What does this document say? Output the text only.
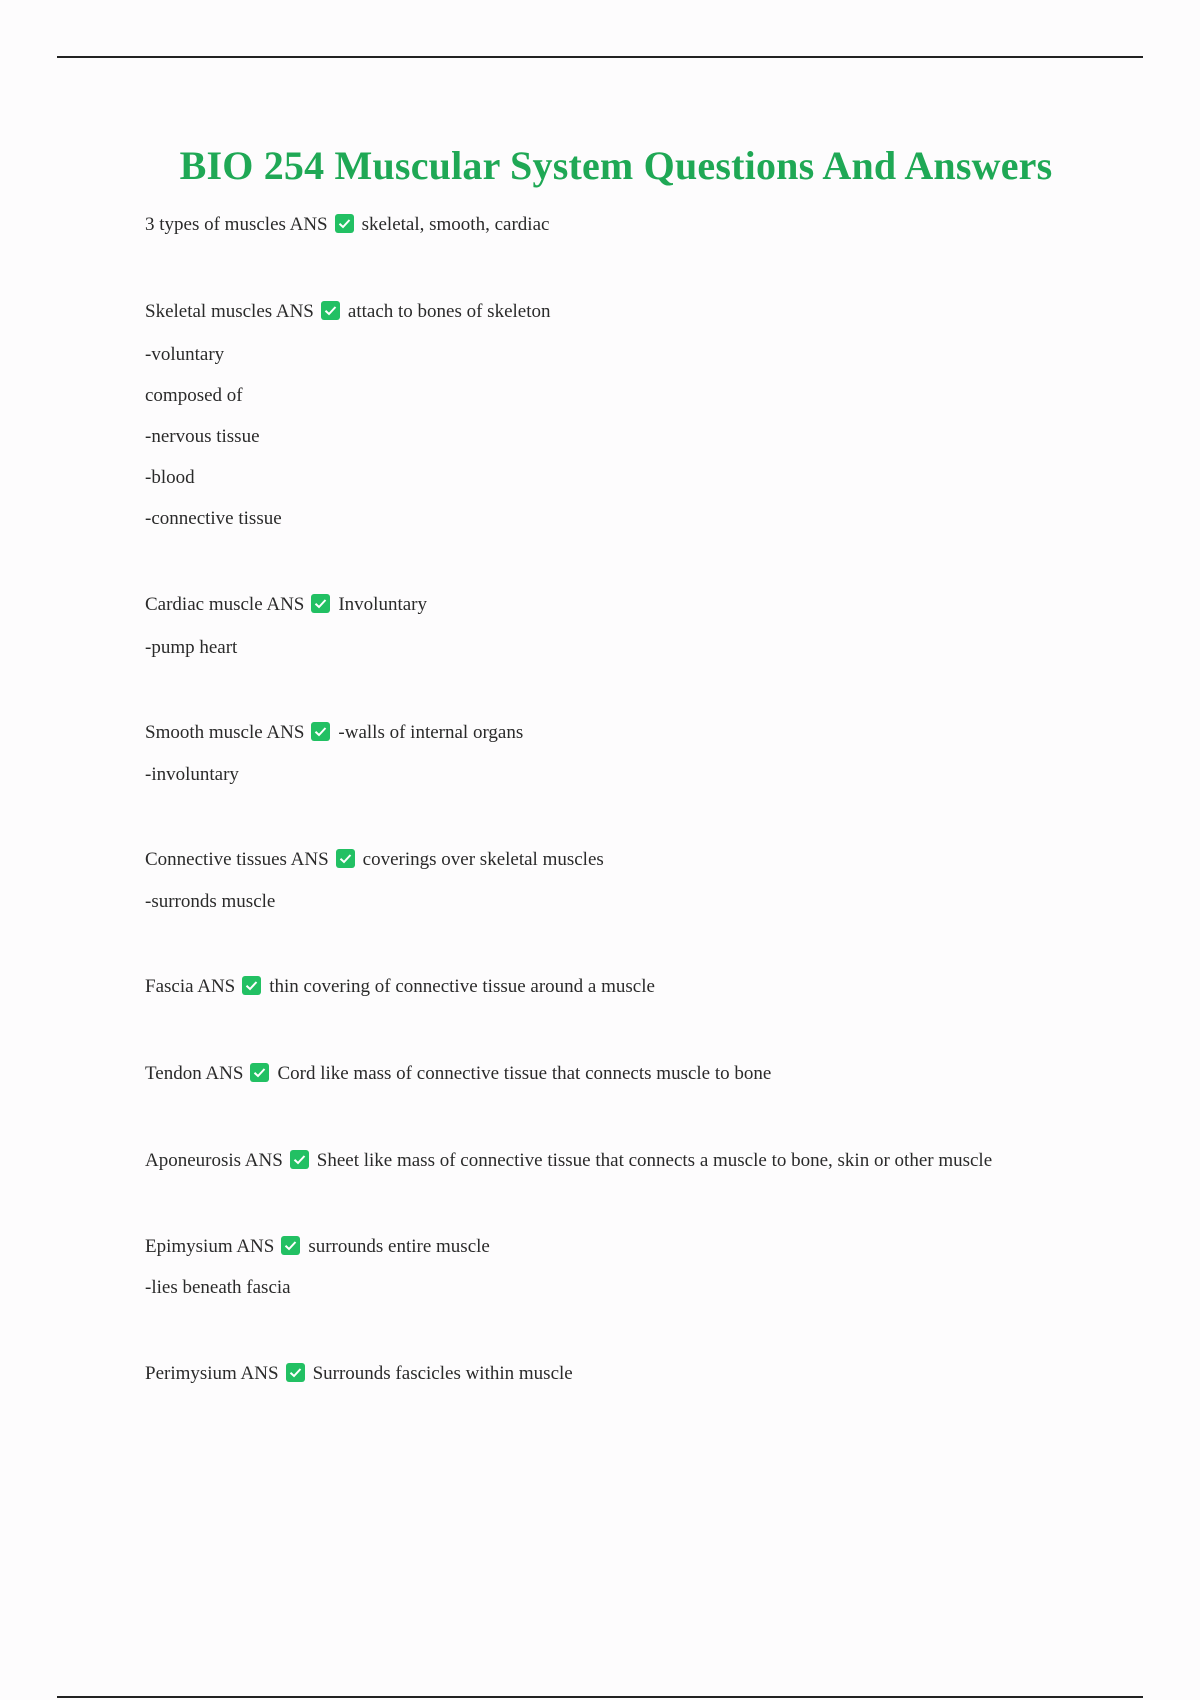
BIO 254 Muscular System Questions And Answers

3 types of muscles ANS skeletal, smooth, cardiac

Skeletal muscles ANS attach to bones of skeleton

-voluntary

composed of

-nervous tissue

-blood

-connective tissue

Cardiac muscle ANS Involuntary

-pump heart

Smooth muscle ANS -walls of internal organs

-involuntary

Connective tissues ANS coverings over skeletal muscles

-surronds muscle

Fascia ANS thin covering of connective tissue around a muscle

Tendon ANS Cord like mass of connective tissue that connects muscle to bone

Aponeurosis ANS Sheet like mass of connective tissue that connects a muscle to bone, skin or other muscle

Epimysium ANS surrounds entire muscle

-lies beneath fascia

Perimysium ANS Surrounds fascicles within muscle
